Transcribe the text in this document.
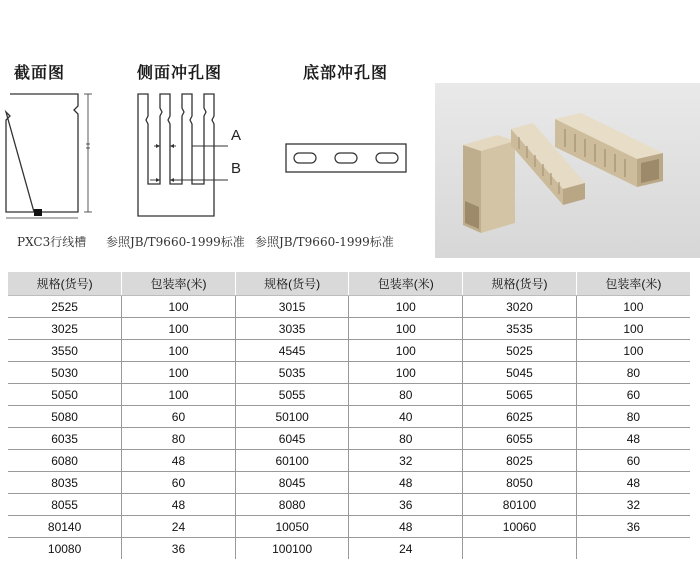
截面图	侧面冲孔图	底部冲孔图
A
B
PXC3行线槽 参照JB/T9660-1999标准 参照JB/T9660-1999标准
规格(货号)	包装率(米)	规格(货号)	包装率(米)	规格(货号)	包装率(米)
2525	100	3015	100	3020	100
3025	100	3035	100	3535	100
3550	100	4545	100	5025	100
5030	100	5035	100	5045	80
5050	100	5055	80	5065	60
5080	60	50100	40	6025	80
6035	80	6045	80	6055	48
6080	48	60100	32	8025	60
8035	60	8045	48	8050	48
8055	48	8080	36	80100	32
80140	24	10050	48	10060	36
10080	36	100100	24		
